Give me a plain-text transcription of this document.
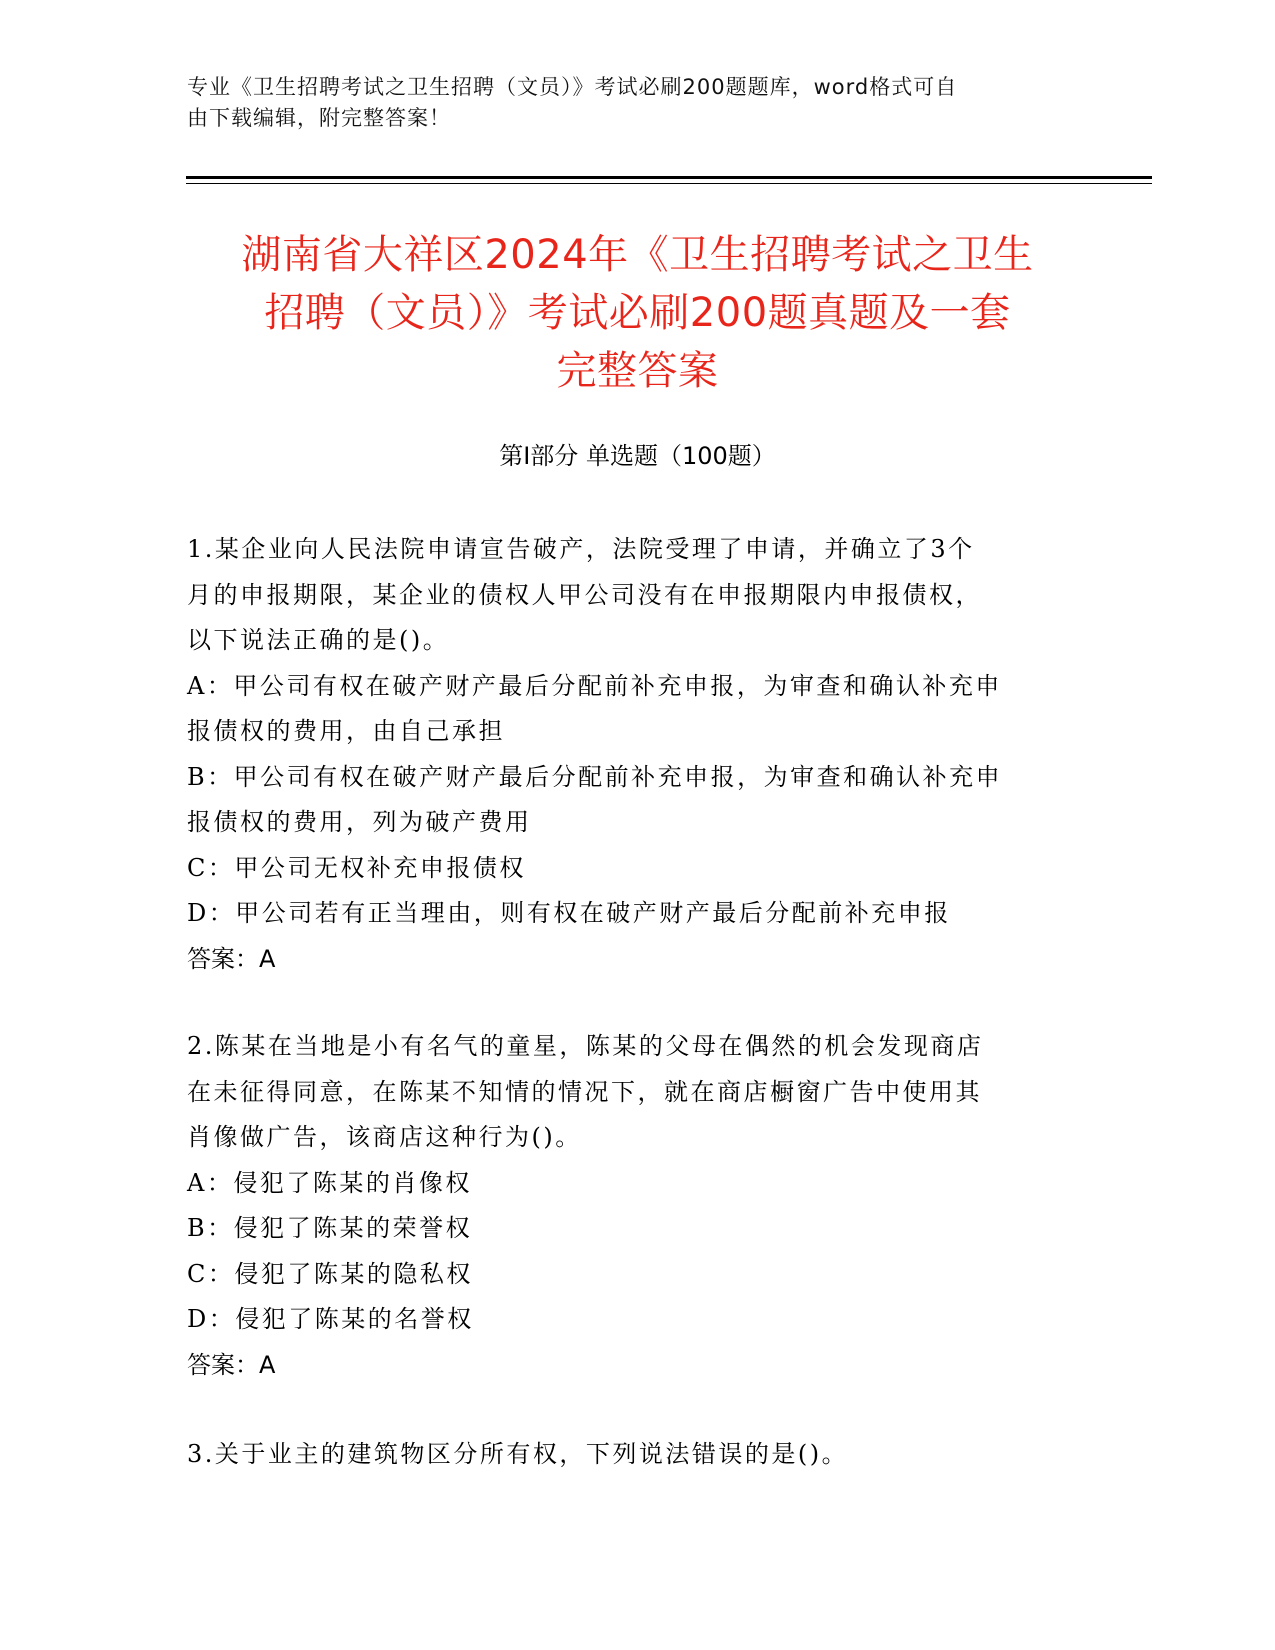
专业《卫生招聘考试之卫生招聘（文员）》考试必刷200题题库，word格式可自
由下载编辑，附完整答案！
湖南省大祥区2024年《卫生招聘考试之卫生
招聘（文员）》考试必刷200题真题及一套
完整答案
第Ⅰ部分 单选题（100题）
1.某企业向人民法院申请宣告破产，法院受理了申请，并确立了3个
月的申报期限，某企业的债权人甲公司没有在申报期限内申报债权，
以下说法正确的是()。
A：甲公司有权在破产财产最后分配前补充申报，为审查和确认补充申
报债权的费用，由自己承担
B：甲公司有权在破产财产最后分配前补充申报，为审查和确认补充申
报债权的费用，列为破产费用
C：甲公司无权补充申报债权
D：甲公司若有正当理由，则有权在破产财产最后分配前补充申报
答案：A
2.陈某在当地是小有名气的童星，陈某的父母在偶然的机会发现商店
在未征得同意，在陈某不知情的情况下，就在商店橱窗广告中使用其
肖像做广告，该商店这种行为()。
A：侵犯了陈某的肖像权
B：侵犯了陈某的荣誉权
C：侵犯了陈某的隐私权
D：侵犯了陈某的名誉权
答案：A
3.关于业主的建筑物区分所有权，下列说法错误的是()。
